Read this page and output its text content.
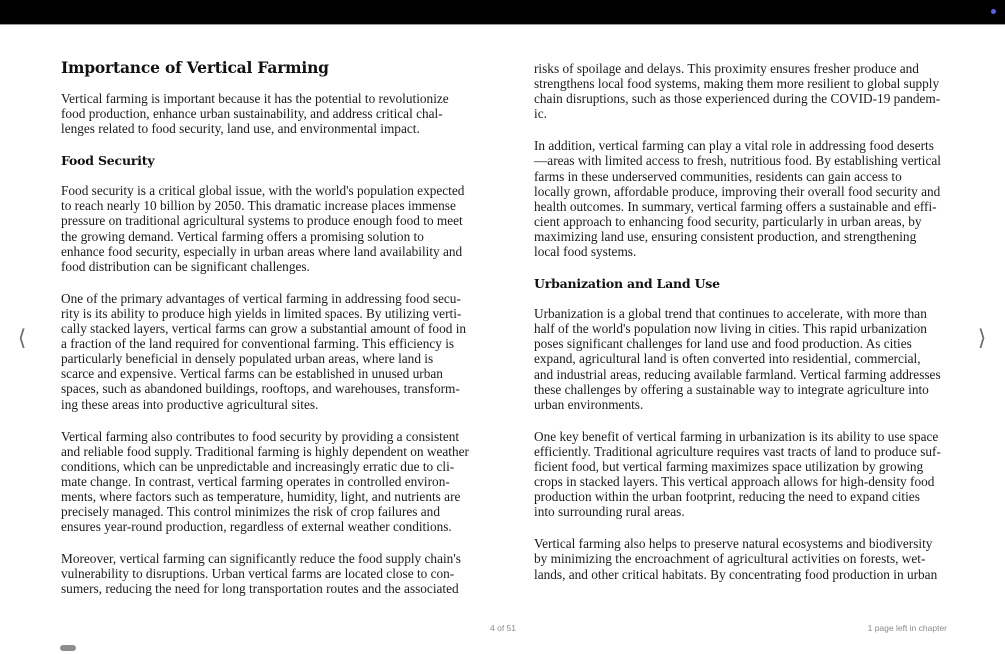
⟨	⟩
Importance of Vertical Farming

Vertical farming is important because it has the potential to revolutionize
food production, enhance urban sustainability, and address critical chal-
lenges related to food security, land use, and environmental impact.

Food Security

Food security is a critical global issue, with the world's population expected
to reach nearly 10 billion by 2050. This dramatic increase places immense
pressure on traditional agricultural systems to produce enough food to meet
the growing demand. Vertical farming offers a promising solution to
enhance food security, especially in urban areas where land availability and
food distribution can be significant challenges.

One of the primary advantages of vertical farming in addressing food secu-
rity is its ability to produce high yields in limited spaces. By utilizing verti-
cally stacked layers, vertical farms can grow a substantial amount of food in
a fraction of the land required for conventional farming. This efficiency is
particularly beneficial in densely populated urban areas, where land is
scarce and expensive. Vertical farms can be established in unused urban
spaces, such as abandoned buildings, rooftops, and warehouses, transform-
ing these areas into productive agricultural sites.

Vertical farming also contributes to food security by providing a consistent
and reliable food supply. Traditional farming is highly dependent on weather
conditions, which can be unpredictable and increasingly erratic due to cli-
mate change. In contrast, vertical farming operates in controlled environ-
ments, where factors such as temperature, humidity, light, and nutrients are
precisely managed. This control minimizes the risk of crop failures and
ensures year-round production, regardless of external weather conditions.

Moreover, vertical farming can significantly reduce the food supply chain's
vulnerability to disruptions. Urban vertical farms are located close to con-
sumers, reducing the need for long transportation routes and the associated

risks of spoilage and delays. This proximity ensures fresher produce and
strengthens local food systems, making them more resilient to global supply
chain disruptions, such as those experienced during the COVID-19 pandem-
ic.

In addition, vertical farming can play a vital role in addressing food deserts
—areas with limited access to fresh, nutritious food. By establishing vertical
farms in these underserved communities, residents can gain access to
locally grown, affordable produce, improving their overall food security and
health outcomes. In summary, vertical farming offers a sustainable and effi-
cient approach to enhancing food security, particularly in urban areas, by
maximizing land use, ensuring consistent production, and strengthening
local food systems.

Urbanization and Land Use

Urbanization is a global trend that continues to accelerate, with more than
half of the world's population now living in cities. This rapid urbanization
poses significant challenges for land use and food production. As cities
expand, agricultural land is often converted into residential, commercial,
and industrial areas, reducing available farmland. Vertical farming addresses
these challenges by offering a sustainable way to integrate agriculture into
urban environments.

One key benefit of vertical farming in urbanization is its ability to use space
efficiently. Traditional agriculture requires vast tracts of land to produce suf-
ficient food, but vertical farming maximizes space utilization by growing
crops in stacked layers. This vertical approach allows for high-density food
production within the urban footprint, reducing the need to expand cities
into surrounding rural areas.

Vertical farming also helps to preserve natural ecosystems and biodiversity
by minimizing the encroachment of agricultural activities on forests, wet-
lands, and other critical habitats. By concentrating food production in urban

4 of 51	1 page left in chapter
